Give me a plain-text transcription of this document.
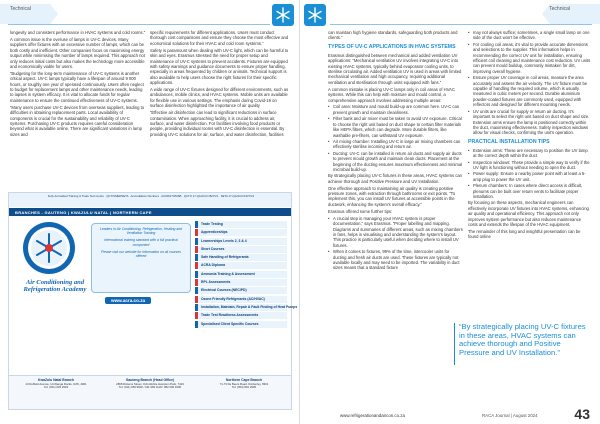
Technical

longevity and consistent performance in HVAC systems and cold rooms.”

A common issue is the overuse of lamps in UV-C devices. Many suppliers offer fixtures with an excessive number of lamps, which can be both costly and inefficient. Other companies focus on maximising energy output while minimising the number of lamps required. This approach not only reduces initial costs but also makes the technology more accessible and economically viable for users.

“Budgeting for the long-term maintenance of UV-C systems is another critical aspect. UV-C lamps typically have a lifespan of around 9 000 hours, or roughly one year of operated continuously. Users often neglect to budget for replacement lamps and other maintenance needs, leading to lapses in system efficacy. It is vital to allocate funds for regular maintenance to ensure the continued effectiveness of UV-C systems.

“Many users purchase UV-C devices from overseas suppliers, leading to difficulties in obtaining replacement parts. Local availability of components is crucial for the sustainability and reliability of UV-C systems. Purchasing UV-C products requires careful consideration beyond what is available online. There are significant variations in lamp sizes and

specific requirements for different applications. Users must conduct thorough cost comparisons and ensure they choose the most effective and economical solutions for their HVAC and cold room systems.”

Safety is paramount when dealing with UV-C light, which can be harmful to skin and eyes. Erasmus stressed the need for proper setup and maintenance of UV-C systems to prevent accidents. Fixtures are equipped with safety warnings and guidance documents to ensure proper handling, especially in areas frequented by children or animals. Technical support is also available to help users choose the right fixtures for their specific applications.

A wide range of UV-C fixtures designed for different environments, such as ambulances, mobile clinics, and HVAC systems. Mobile units are available for flexible use in various settings. The emphasis during Covid-19 on surface disinfection highlighted the importance of air quality

“Effective air disinfection can lead to significant reductions in surface contamination. When approaching facility, it is crucial to address air, surface, and water disinfection. For facilities involving food products or people, providing individual rooms with UV-C disinfection is essential. By providing UV-C solutions for air, surface, and water disinfection, facilities

Fully Accredited Training & Trade Test Centre · QCTO/MERSETA · Accreditation Numbers · AC000173/MSB · QCTO 17-QA/ACC/1527/21 · SETA 17-QA/ACC/1527/21
BRANCHES - GAUTENG | KWAZULU NATAL | NORTHERN CAPE
Air Conditioning and Refrigeration Academy

Leaders in Air Conditioning, Refrigeration, Heating and Ventilation Training

International training standard with a full practical component

Please visit our website for information on all courses offered

www.acra.co.za
Trade Testing
Apprenticeships
Learnerships Levels 2, 3 & 4
Short Courses
Safe Handling of Refrigerants
ACRA Diploma
Ammonia Training & Assessment
RPL Assessments
Electrical Courses (NEC/PD)
Ozone Friendly Refrigerants (AC/HVAC)
Installation, Maintain, Repair & Fault Finding of Heat Pumps
Trade Test Readiness Assessments
Specialised Client Specific Courses
KwaZulu Natal Branch
10 Duffield Avenue, Umhlanga Rocks, KZN, 4001
Tel: (031) 003 2903
Gauteng Branch (Head Office)
2868 Dickens Street, Oxfordshire Hampton Park, 7419
Tel: (011) 059 9902 / 011 969 1118 / 082 006 9105
Northern Cape Branch
71-73 De Beers Road, Kimberley, 8301
Tel: (053) 832 2905
Technical

can maintain high hygiene standards, safeguarding both products and clients.”

TYPES OF UV-C APPLICATIONS IN HVAC SYSTEMS

Erasmus distinguished between mechanical and added ventilation UV applications: “Mechanical ventilation UV involves integrating UV-C into existing HVAC systems, typically behind evaporator cooling units, to sterilise circulating air. Added ventilation UV is used in areas with limited mechanical ventilation and high occupancy, requiring additional ventilation and sterilisation through units equipped with fans.”

A common mistake is placing UV-C lamps only in coil areas of HVAC systems. While this can help with moisture and mould control, a comprehensive approach involves addressing multiple areas:

• Coil area: Moisture and mould build-up are common here. UV-C can prevent growth and maintain cleanliness.
• Filter bank and air mixer must be taken to avoid UV exposure. Critical to choose the right unit based on duct shape to certain filter materials like HEPA filters, which can degrade. More durable filters, like washable pre-filters, can withstand UV exposure.
• Air mixing chamber: Installing UV-C in large air mixing chambers can effectively sterilise incoming and return air.
• Ducting: UV-C can be installed in return air ducts and supply air ducts to prevent mould growth and maintain clean ducts. Placement at the beginning of the ducting ensures maximum effectiveness and minimal microbial build-up.

By strategically placing UV-C fixtures in these areas, HVAC systems can achieve thorough and Positive Pressure and UV Installation.

One effective approach to maintaining air quality is creating positive pressure zones, with extraction through bathrooms or exit points. “To implement this, you can install UV fixtures at accessible points in the ductwork, enhancing the system’s overall efficacy.”

Erasmus offered some further tips:

• A crucial step in managing your HVAC system is proper documentation,” says Erasmus. “Proper labelling and mapping. Diagrams and summaries of different areas, such as mixing chambers in fans, helps in visualising and understanding the system’s layout. This practice is particularly useful when deciding where to install UV fixtures.
• When it comes to fixtures, 99% of the time, intercooler units for ducting and fresh air ducts are used. These fixtures are typically not available locally and may need to be imported. The variability in duct sizes means that a standard fixture
• may not always suffice; sometimes, a single small lamp on one side of the duct won’t be effective.
• For cooling coil areas, it’s vital to provide accurate dimensions and selections to the supplier. This information helps in recommending the correct UV unit for installation, ensuring efficient coil cleaning and maintenance cost reduction. UV units can prevent mould buildup, commonly mistaken for dirt, improving overall hygiene.
• Ensure proper UV coverage in coil areas, measure the area accurately and assess the air velocity. The UV fixture must be capable of handling the required volume, which is usually measured in cubic meters per second. Durable aluminium powder-coated fixtures are commonly used, equipped with reflectors and designed for different mounting needs.
• UV units are crucial for supply or return air ducting. It’s important to select the right unit based on duct shape and size. Extension arms ensure the lamp is positioned correctly within the duct, maximising effectiveness. Safety inspection windows allow for visual checks, confirming the unit’s operation.
PRACTICAL INSTALLATION TIPS
• Extension arms: These are necessary to position the UV lamp at the correct depth within the duct.
• Inspection windows: These provide a simple way to verify if the UV light is functioning without needing to open the duct.
• Power supply: Ensure a nearby power point with at least a 5-amp plug to power the UV unit.
• Plenum chambers: In cases where direct access is difficult, plenums can be built over return vents to facilitate proper installation.

By focusing on these aspects, mechanical engineers can effectively incorporate UV fixtures into HVAC systems, enhancing air quality and operational efficiency. This approach not only improves system performance but also reduces maintenance costs and extends the lifespan of the HVAC equipment.

The remainder of this long and insightful presentation can be found online

“By strategically placing UV-C fixtures in these areas, HVAC systems can achieve thorough and Positive Pressure and UV Installation.”
www.refrigerationandaircon.co.za	RACA Journal | August 2024	43
